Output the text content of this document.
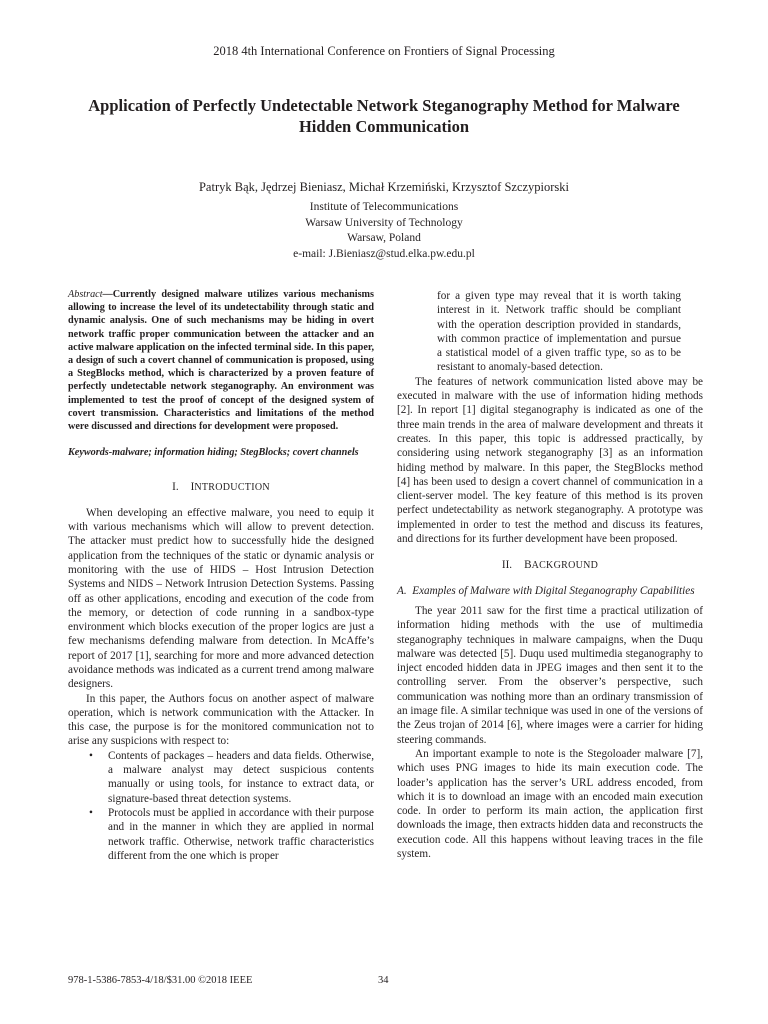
2018 4th International Conference on Frontiers of Signal Processing
Application of Perfectly Undetectable Network Steganography Method for Malware
Hidden Communication
Patryk Bąk, Jędrzej Bieniasz, Michał Krzemiński, Krzysztof Szczypiorski
Institute of Telecommunications
Warsaw University of Technology
Warsaw, Poland
e-mail: J.Bieniasz@stud.elka.pw.edu.pl
Abstract—Currently designed malware utilizes various mechanisms allowing to increase the level of its undetectability through static and dynamic analysis. One of such mechanisms may be hiding in overt network traffic proper communication between the attacker and an active malware application on the infected terminal side. In this paper, a design of such a covert channel of communication is proposed, using a StegBlocks method, which is characterized by a proven feature of perfectly undetectable network steganography. An environment was implemented to test the proof of concept of the designed system of covert transmission. Characteristics and limitations of the method were discussed and directions for development were proposed.
Keywords-malware; information hiding; StegBlocks; covert channels
I. INTRODUCTION

When developing an effective malware, you need to equip it with various mechanisms which will allow to prevent detection. The attacker must predict how to successfully hide the designed application from the techniques of the static or dynamic analysis or monitoring with the use of HIDS – Host Intrusion Detection Systems and NIDS – Network Intrusion Detection Systems. Passing off as other applications, encoding and execution of the code from the memory, or detection of code running in a sandbox-type environment which blocks execution of the proper logics are just a few mechanisms defending malware from detection. In McAffe’s report of 2017 [1], searching for more and more advanced detection avoidance methods was indicated as a current trend among malware designers.

In this paper, the Authors focus on another aspect of malware operation, which is network communication with the Attacker. In this case, the purpose is for the monitored communication not to arise any suspicions with respect to:

• Contents of packages – headers and data fields. Otherwise, a malware analyst may detect suspicious contents manually or using tools, for instance to extract data, or signature-based threat detection systems.
• Protocols must be applied in accordance with their purpose and in the manner in which they are applied in normal network traffic. Otherwise, network traffic characteristics different from the one which is proper
for a given type may reveal that it is worth taking interest in it. Network traffic should be compliant with the operation description provided in standards, with common practice of implementation and pursue a statistical model of a given traffic type, so as to be resistant to anomaly-based detection.

The features of network communication listed above may be executed in malware with the use of information hiding methods [2]. In report [1] digital steganography is indicated as one of the three main trends in the area of malware development and threats it creates. In this paper, this topic is addressed practically, by considering using network steganography [3] as an information hiding method by malware. In this paper, the StegBlocks method [4] has been used to design a covert channel of communication in a client-server model. The key feature of this method is its proven perfect undetectability as network steganography. A prototype was implemented in order to test the method and discuss its features, and directions for its further development have been proposed.

II. BACKGROUND
A. Examples of Malware with Digital Steganography Capabilities

The year 2011 saw for the first time a practical utilization of information hiding methods with the use of multimedia steganography techniques in malware campaigns, when the Duqu malware was detected [5]. Duqu used multimedia steganography to inject encoded hidden data in JPEG images and then sent it to the controlling server. From the observer’s perspective, such communication was nothing more than an ordinary transmission of an image file. A similar technique was used in one of the versions of the Zeus trojan of 2014 [6], where images were a carrier for hiding steering commands.

An important example to note is the Stegoloader malware [7], which uses PNG images to hide its main execution code. The loader’s application has the server’s URL address encoded, from which it is to download an image with an encoded main execution code. In order to perform its main action, the application first downloads the image, then extracts hidden data and reconstructs the execution code. All this happens without leaving traces in the file system.

978-1-5386-7853-4/18/$31.00 ©2018 IEEE	34
